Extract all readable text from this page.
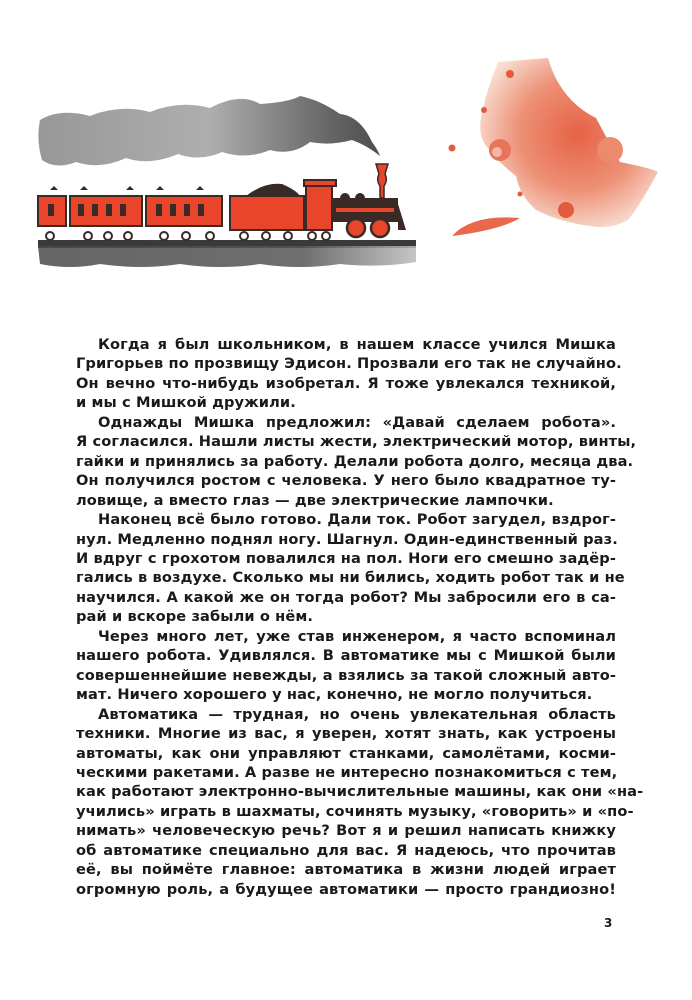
Когда я был школьником, в нашем классе учился Мишка
Григорьев по прозвищу Эдисон. Прозвали его так не случайно.
Он вечно что-нибудь изобретал. Я тоже увлекался техникой,
и мы с Мишкой дружили.

Однажды Мишка предложил: «Давай сделаем робота».
Я согласился. Нашли листы жести, электрический мотор, винты,
гайки и принялись за работу. Делали робота долго, месяца два.
Он получился ростом с человека. У него было квадратное ту-
ловище, а вместо глаз — две электрические лампочки.

Наконец всё было готово. Дали ток. Робот загудел, вздрог-
нул. Медленно поднял ногу. Шагнул. Один-единственный раз.
И вдруг с грохотом повалился на пол. Ноги его смешно задёр-
гались в воздухе. Сколько мы ни бились, ходить робот так и не
научился. А какой же он тогда робот? Мы забросили его в са-
рай и вскоре забыли о нём.

Через много лет, уже став инженером, я часто вспоминал
нашего робота. Удивлялся. В автоматике мы с Мишкой были
совершеннейшие невежды, а взялись за такой сложный авто-
мат. Ничего хорошего у нас, конечно, не могло получиться.

Автоматика — трудная, но очень увлекательная область
техники. Многие из вас, я уверен, хотят знать, как устроены
автоматы, как они управляют станками, самолётами, косми-
ческими ракетами. А разве не интересно познакомиться с тем,
как работают электронно-вычислительные машины, как они «на-
учились» играть в шахматы, сочинять музыку, «говорить» и «по-
нимать» человеческую речь? Вот я и решил написать книжку
об автоматике специально для вас. Я надеюсь, что прочитав
её, вы поймёте главное: автоматика в жизни людей играет
огромную роль, а будущее автоматики — просто грандиозно!

3
